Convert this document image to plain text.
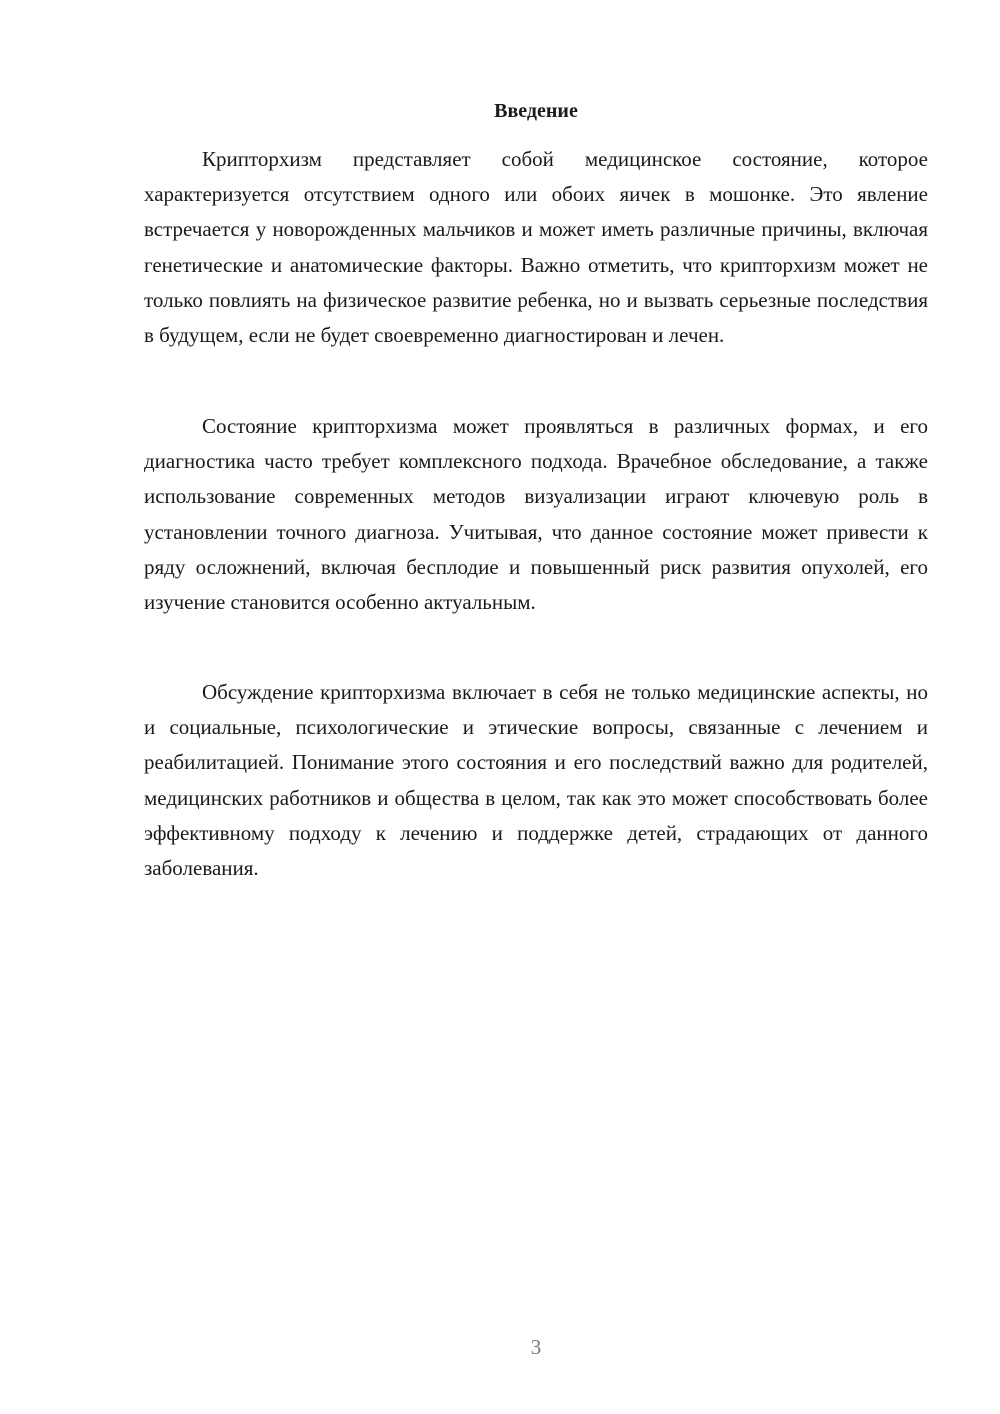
Введение

Крипторхизм представляет собой медицинское состояние, которое характеризуется отсутствием одного или обоих яичек в мошонке. Это явление встречается у новорожденных мальчиков и может иметь различные причины, включая генетические и анатомические факторы. Важно отметить, что крипторхизм может не только повлиять на физическое развитие ребенка, но и вызвать серьезные последствия в будущем, если не будет своевременно диагностирован и лечен.

Состояние крипторхизма может проявляться в различных формах, и его диагностика часто требует комплексного подхода. Врачебное обследование, а также использование современных методов визуализации играют ключевую роль в установлении точного диагноза. Учитывая, что данное состояние может привести к ряду осложнений, включая бесплодие и повышенный риск развития опухолей, его изучение становится особенно актуальным.

Обсуждение крипторхизма включает в себя не только медицинские аспекты, но и социальные, психологические и этические вопросы, связанные с лечением и реабилитацией. Понимание этого состояния и его последствий важно для родителей, медицинских работников и общества в целом, так как это может способствовать более эффективному подходу к лечению и поддержке детей, страдающих от данного заболевания.

3
